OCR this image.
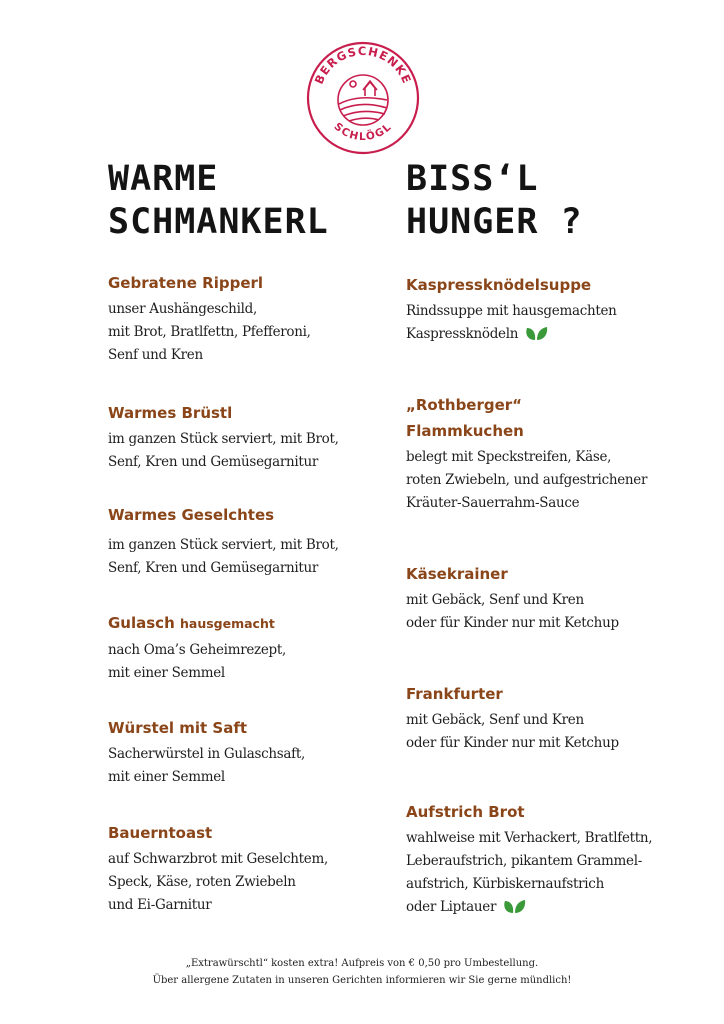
BERGSCHENKE
SCHLÖGL
WARME
SCHMANKERL
BISS‘L
HUNGER ?

Gebratene Ripperl

unser Aushängeschild,
mit Brot, Bratlfettn, Pfefferoni,
Senf und Kren

Warmes Brüstl

im ganzen Stück serviert, mit Brot,
Senf, Kren und Gemüsegarnitur

Warmes Geselchtes

im ganzen Stück serviert, mit Brot,
Senf, Kren und Gemüsegarnitur

Gulasch hausgemacht

nach Oma’s Geheimrezept,
mit einer Semmel

Würstel mit Saft

Sacherwürstel in Gulaschsaft,
mit einer Semmel

Bauerntoast

auf Schwarzbrot mit Geselchtem,
Speck, Käse, roten Zwiebeln
und Ei-Garnitur

Kaspressknödelsuppe

Rindssuppe mit hausgemachten
Kaspressknödeln

„Rothberger“

Flammkuchen

belegt mit Speckstreifen, Käse,
roten Zwiebeln, und aufgestrichener
Kräuter-Sauerrahm-Sauce

Käsekrainer

mit Gebäck, Senf und Kren
oder für Kinder nur mit Ketchup

Frankfurter

mit Gebäck, Senf und Kren
oder für Kinder nur mit Ketchup

Aufstrich Brot

wahlweise mit Verhackert, Bratlfettn,
Leberaufstrich, pikantem Grammel-
aufstrich, Kürbiskernaufstrich
oder Liptauer

„Extrawürschtl“ kosten extra! Aufpreis von € 0,50 pro Umbestellung.
Über allergene Zutaten in unseren Gerichten informieren wir Sie gerne mündlich!
